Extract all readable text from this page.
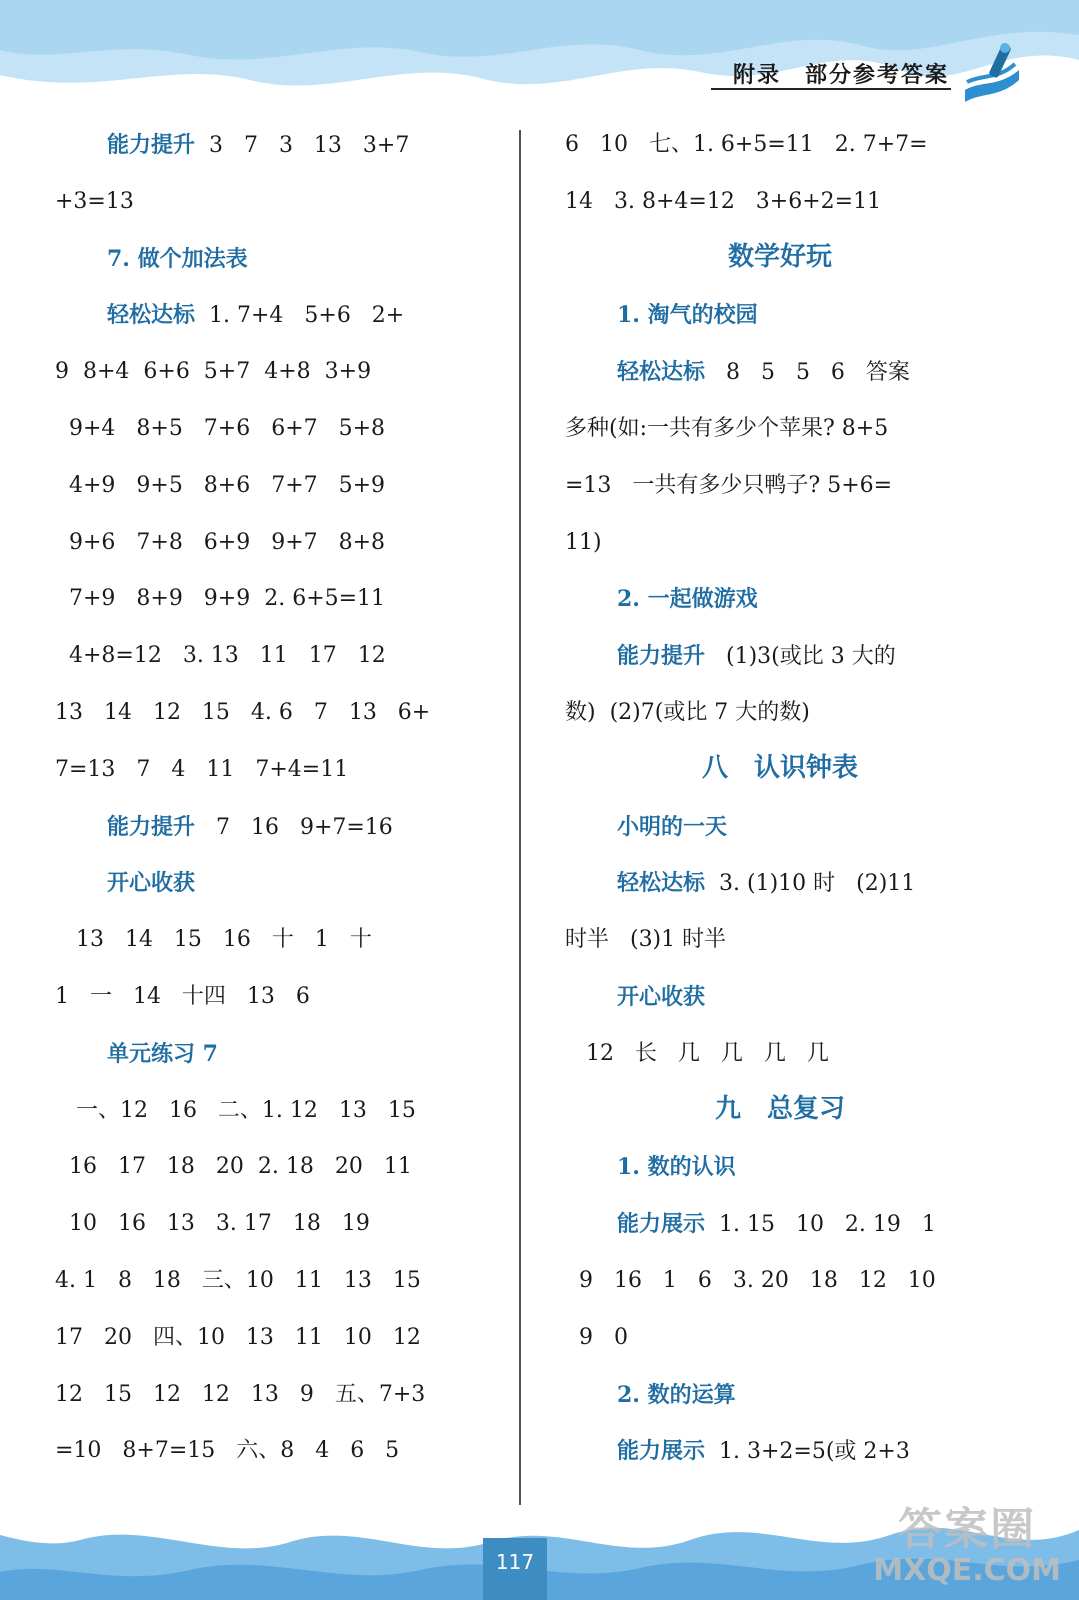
附录　部分参考答案
能力提升  3   7   3   13   3+7
+3=13
7. 做个加法表
轻松达标  1. 7+4   5+6   2+
9  8+4  6+6  5+7  4+8  3+9
9+4   8+5   7+6   6+7   5+8
4+9   9+5   8+6   7+7   5+9
9+6   7+8   6+9   9+7   8+8
7+9   8+9   9+9  2. 6+5=11
4+8=12   3. 13   11   17   12
13   14   12   15   4. 6   7   13   6+
7=13   7   4   11   7+4=11
能力提升   7   16   9+7=16
开心收获
13   14   15   16   十   1   十
1   一   14   十四   13   6
单元练习 7
一、12   16   二、1. 12   13   15
16   17   18   20  2. 18   20   11
10   16   13   3. 17   18   19
4. 1   8   18   三、10   11   13   15
17   20   四、10   13   11   10   12
12   15   12   12   13   9   五、7+3
=10   8+7=15   六、8   4   6   5
6   10   七、1. 6+5=11   2. 7+7=
14   3. 8+4=12   3+6+2=11
数学好玩
1. 淘气的校园
轻松达标   8   5   5   6   答案
多种(如:一共有多少个苹果? 8+5
=13   一共有多少只鸭子? 5+6=
11)
2. 一起做游戏
能力提升   (1)3(或比 3 大的
数)  (2)7(或比 7 大的数)
八　认识钟表
小明的一天
轻松达标  3. (1)10 时   (2)11
时半   (3)1 时半
开心收获
12   长   几   几   几   几
九　总复习
1. 数的认识
能力展示  1. 15   10   2. 19   1
9   16   1   6   3. 20   18   12   10
9   0
2. 数的运算
能力展示  1. 3+2=5(或 2+3
117
答案圈
MXQE.COM
